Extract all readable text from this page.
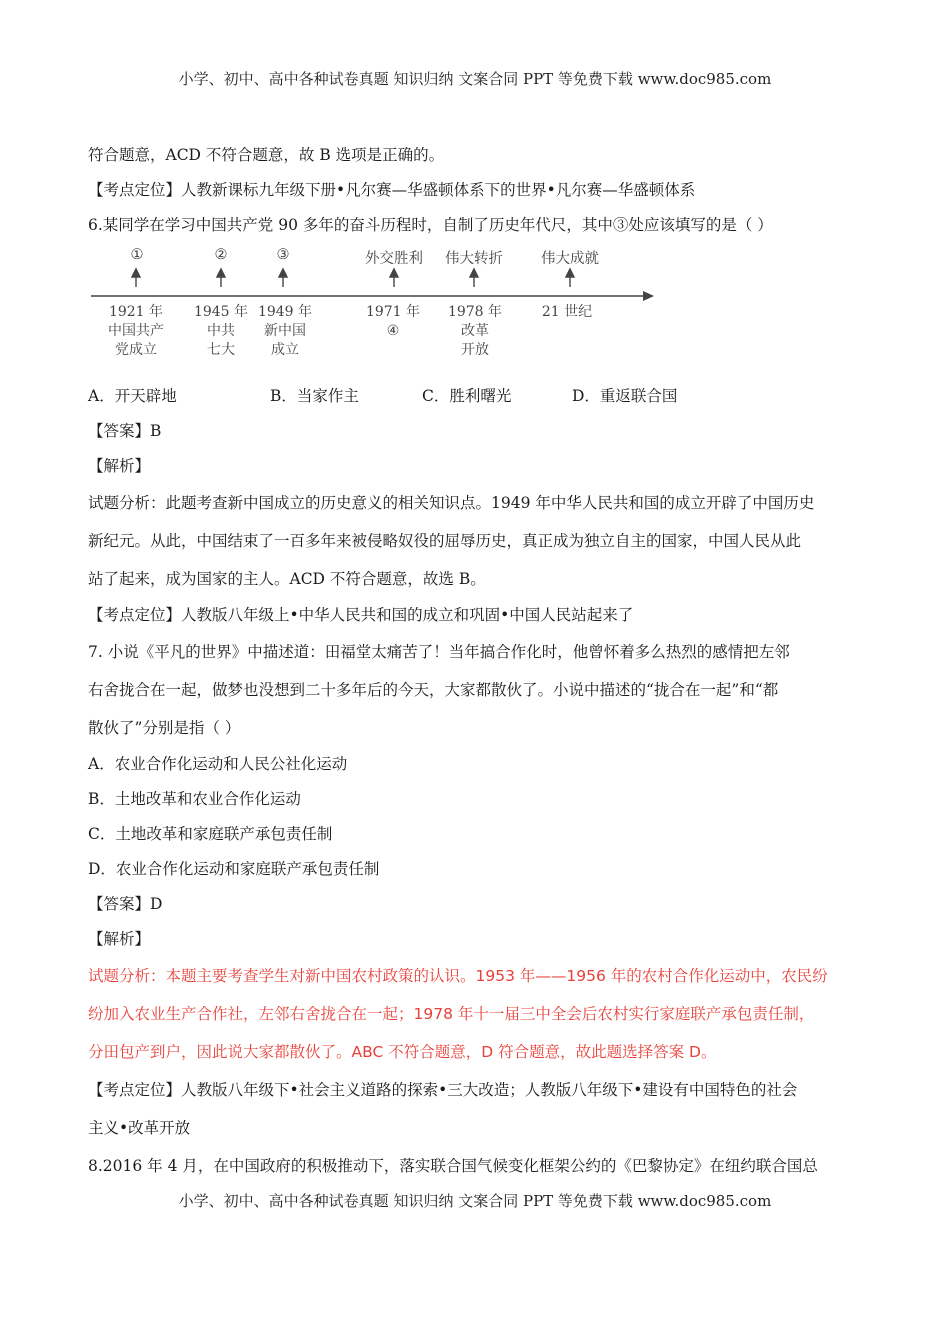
小学、初中、高中各种试卷真题 知识归纳 文案合同 PPT 等免费下载 www.doc985.com
符合题意，ACD 不符合题意，故 B 选项是正确的。
【考点定位】人教新课标九年级下册•凡尔赛—华盛顿体系下的世界•凡尔赛—华盛顿体系
6.某同学在学习中国共产党 90 多年的奋斗历程时，自制了历史年代尺，其中③处应该填写的是（ ）
①	②	③	外交胜利	伟大转折	伟大成就
1921 年
中国共产
党成立
1945 年
中共
七大
1949 年
新中国
成立
1971 年
④
1978 年
改革
开放
21 世纪
A．开天辟地	B．当家作主	C．胜利曙光	D．重返联合国
【答案】B
【解析】
试题分析：此题考查新中国成立的历史意义的相关知识点。1949 年中华人民共和国的成立开辟了中国历史
新纪元。从此，中国结束了一百多年来被侵略奴役的屈辱历史，真正成为独立自主的国家，中国人民从此
站了起来，成为国家的主人。ACD 不符合题意，故选 B。
【考点定位】人教版八年级上•中华人民共和国的成立和巩固•中国人民站起来了
7. 小说《平凡的世界》中描述道：田福堂太痛苦了！当年搞合作化时，他曾怀着多么热烈的感情把左邻
右舍拢合在一起，做梦也没想到二十多年后的今天，大家都散伙了。小说中描述的“拢合在一起”和“都
散伙了”分别是指（ ）
A．农业合作化运动和人民公社化运动
B．土地改革和农业合作化运动
C．土地改革和家庭联产承包责任制
D．农业合作化运动和家庭联产承包责任制
【答案】D
【解析】
试题分析：本题主要考查学生对新中国农村政策的认识。1953 年——1956 年的农村合作化运动中，农民纷
纷加入农业生产合作社，左邻右舍拢合在一起；1978 年十一届三中全会后农村实行家庭联产承包责任制，
分田包产到户，因此说大家都散伙了。ABC 不符合题意，D 符合题意，故此题选择答案 D。
【考点定位】人教版八年级下•社会主义道路的探索•三大改造；人教版八年级下•建设有中国特色的社会
主义•改革开放
8.2016 年 4 月，在中国政府的积极推动下，落实联合国气候变化框架公约的《巴黎协定》在纽约联合国总
小学、初中、高中各种试卷真题 知识归纳 文案合同 PPT 等免费下载 www.doc985.com
